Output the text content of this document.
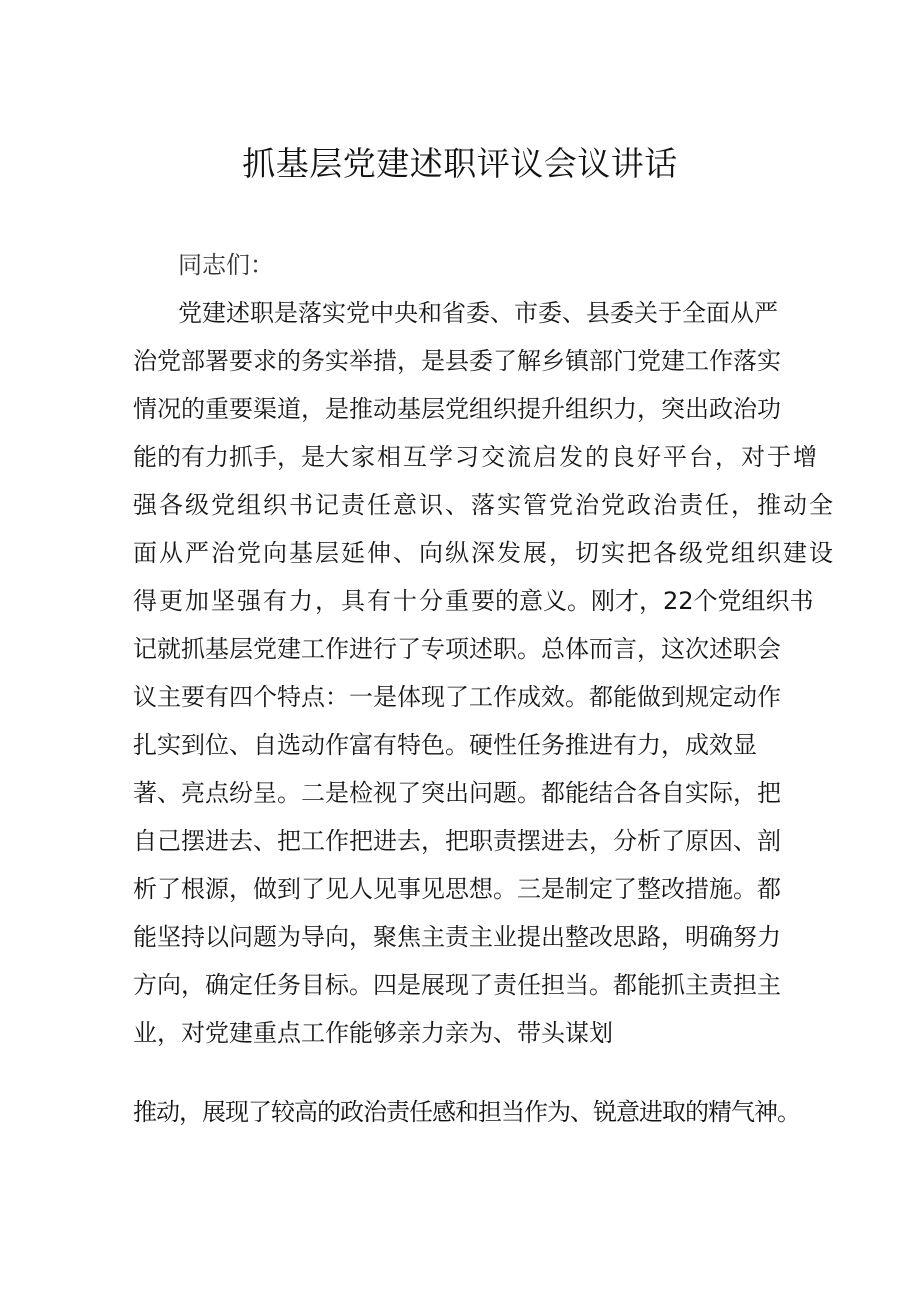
抓基层党建述职评议会议讲话
同志们：
党建述职是落实党中央和省委、市委、县委关于全面从严
治党部署要求的务实举措，是县委了解乡镇部门党建工作落实
情况的重要渠道，是推动基层党组织提升组织力，突出政治功
能的有力抓手，是大家相互学习交流启发的良好平台，对于增
强各级党组织书记责任意识、落实管党治党政治责任，推动全
面从严治党向基层延伸、向纵深发展，切实把各级党组织建设
得更加坚强有力，具有十分重要的意义。刚才，22个党组织书
记就抓基层党建工作进行了专项述职。总体而言，这次述职会
议主要有四个特点：一是体现了工作成效。都能做到规定动作
扎实到位、自选动作富有特色。硬性任务推进有力，成效显
著、亮点纷呈。二是检视了突出问题。都能结合各自实际，把
自己摆进去、把工作把进去，把职责摆进去，分析了原因、剖
析了根源，做到了见人见事见思想。三是制定了整改措施。都
能坚持以问题为导向，聚焦主责主业提出整改思路，明确努力
方向，确定任务目标。四是展现了责任担当。都能抓主责担主
业，对党建重点工作能够亲力亲为、带头谋划
推动，展现了较高的政治责任感和担当作为、锐意进取的精气神。
